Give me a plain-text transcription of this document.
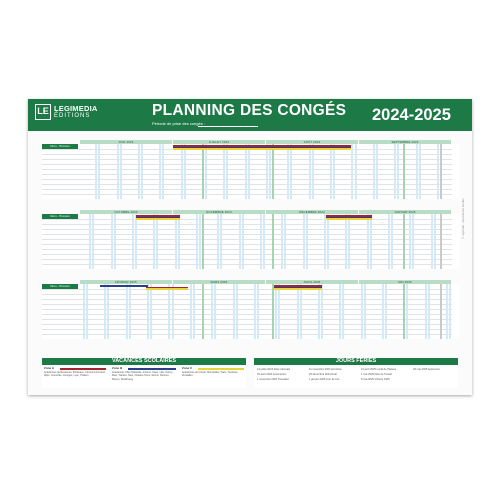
LE LEGIMEDIA
ÉDITIONS	PLANNING DES CONGÉS
Période de prise des congés :	2024-2025
Nom - Prénom
JUIN 2024	JUILLET 2024	AOÛT 2024	SEPTEMBRE 2024
Nom - Prénom
OCTOBRE 2024	NOVEMBRE 2024	DÉCEMBRE 2024	JANVIER 2025
Nom - Prénom
FÉVRIER 2025	MARS 2025	AVRIL 2025	MAI 2025
© Legimedia - Reproduction interdite
VACANCES SCOLAIRES
Zone A
Académies de Besançon, Bordeaux, Clermont-Ferrand, Dijon, Grenoble, Limoges, Lyon, Poitiers
Zone B
Académies d'Aix-Marseille, Amiens, Caen, Lille, Nancy-Metz, Nantes, Nice, Orléans-Tours, Reims, Rennes, Rouen, Strasbourg
Zone C
Académies de Créteil, Montpellier, Paris, Toulouse, Versailles
JOURS FÉRIÉS
14 juillet 2024 Fête nationale
15 août 2024 Assomption
1 novembre 2024 Toussaint
11 novembre 2024 Armistice
25 décembre 2024 Noël
1 janvier 2025 Jour de l'an
21 avril 2025 Lundi de Pâques
1 mai 2025 Fête du Travail
8 mai 2025 Victoire 1945
29 mai 2025 Ascension
